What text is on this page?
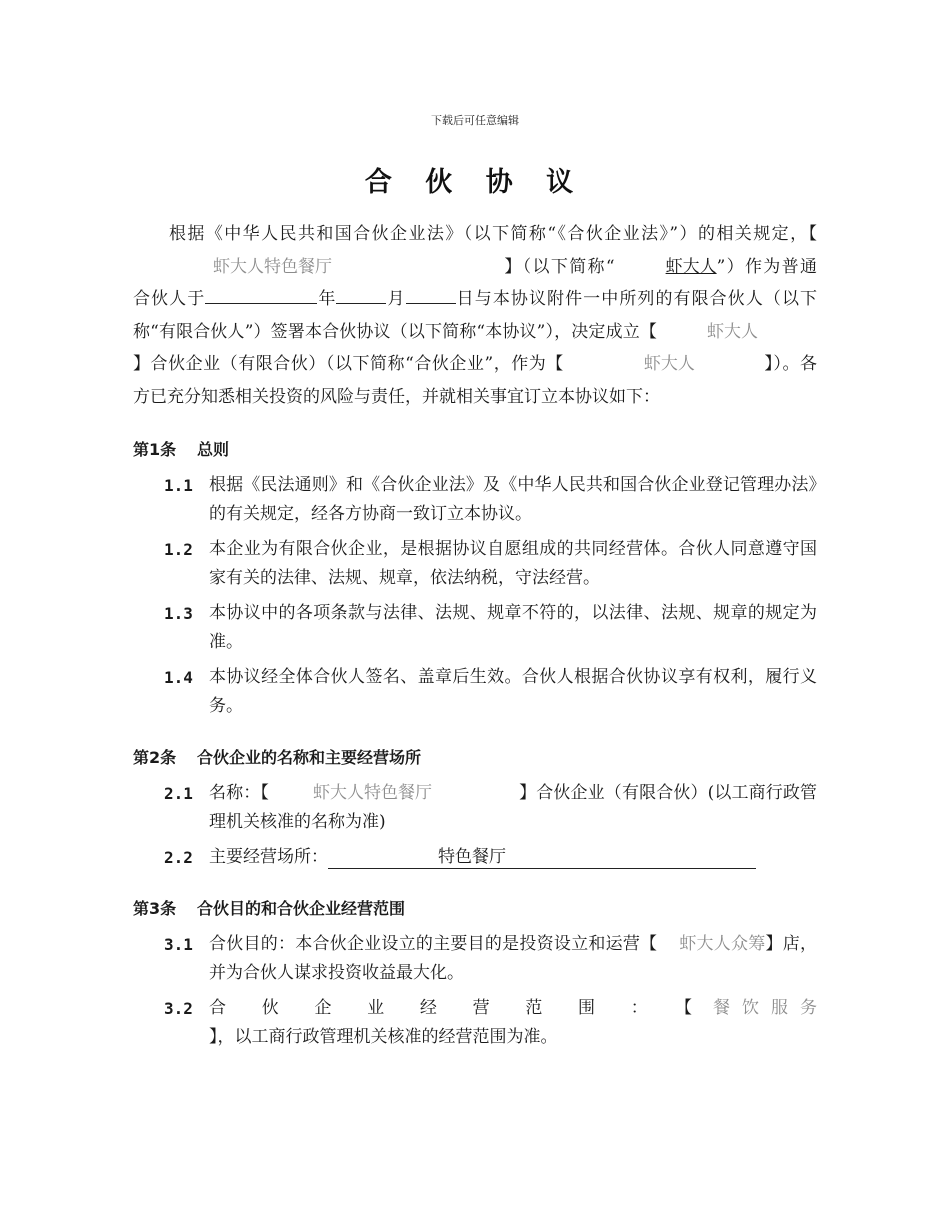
下载后可任意编辑
合 伙 协 议

根据《中华人民共和国合伙企业法》（以下简称“《合伙企业法》”）的相关规定，【虾大人特色餐厅	】（以下简称“	虾大人”）作为普通合伙人于	年	月	日与本协议附件一中所列的有限合伙人（以下称“有限合伙人”）签署本合伙协议（以下简称“本协议”），决定成立【	虾大人】合伙企业（有限合伙）（以下简称“合伙企业”，作为【	虾大人	】）。各方已充分知悉相关投资的风险与责任，并就相关事宜订立本协议如下：

第1条 总则
1.1 根据《民法通则》和《合伙企业法》及《中华人民共和国合伙企业登记管理办法》的有关规定，经各方协商一致订立本协议。
1.2 本企业为有限合伙企业，是根据协议自愿组成的共同经营体。合伙人同意遵守国家有关的法律、法规、规章，依法纳税，守法经营。
1.3 本协议中的各项条款与法律、法规、规章不符的，以法律、法规、规章的规定为准。
1.4 本协议经全体合伙人签名、盖章后生效。合伙人根据合伙协议享有权利，履行义务。
第2条 合伙企业的名称和主要经营场所
2.1 名称：【	虾大人特色餐厅	】合伙企业（有限合伙）(以工商行政管理机关核准的名称为准)
2.2 主要经营场所：	特色餐厅
第3条 合伙目的和合伙企业经营范围
3.1 合伙目的：本合伙企业设立的主要目的是投资设立和运营【 虾大人众筹】店，并为合伙人谋求投资收益最大化。
3.2 合伙企业经营范围：【 餐饮服务

】，以工商行政管理机关核准的经营范围为准。
